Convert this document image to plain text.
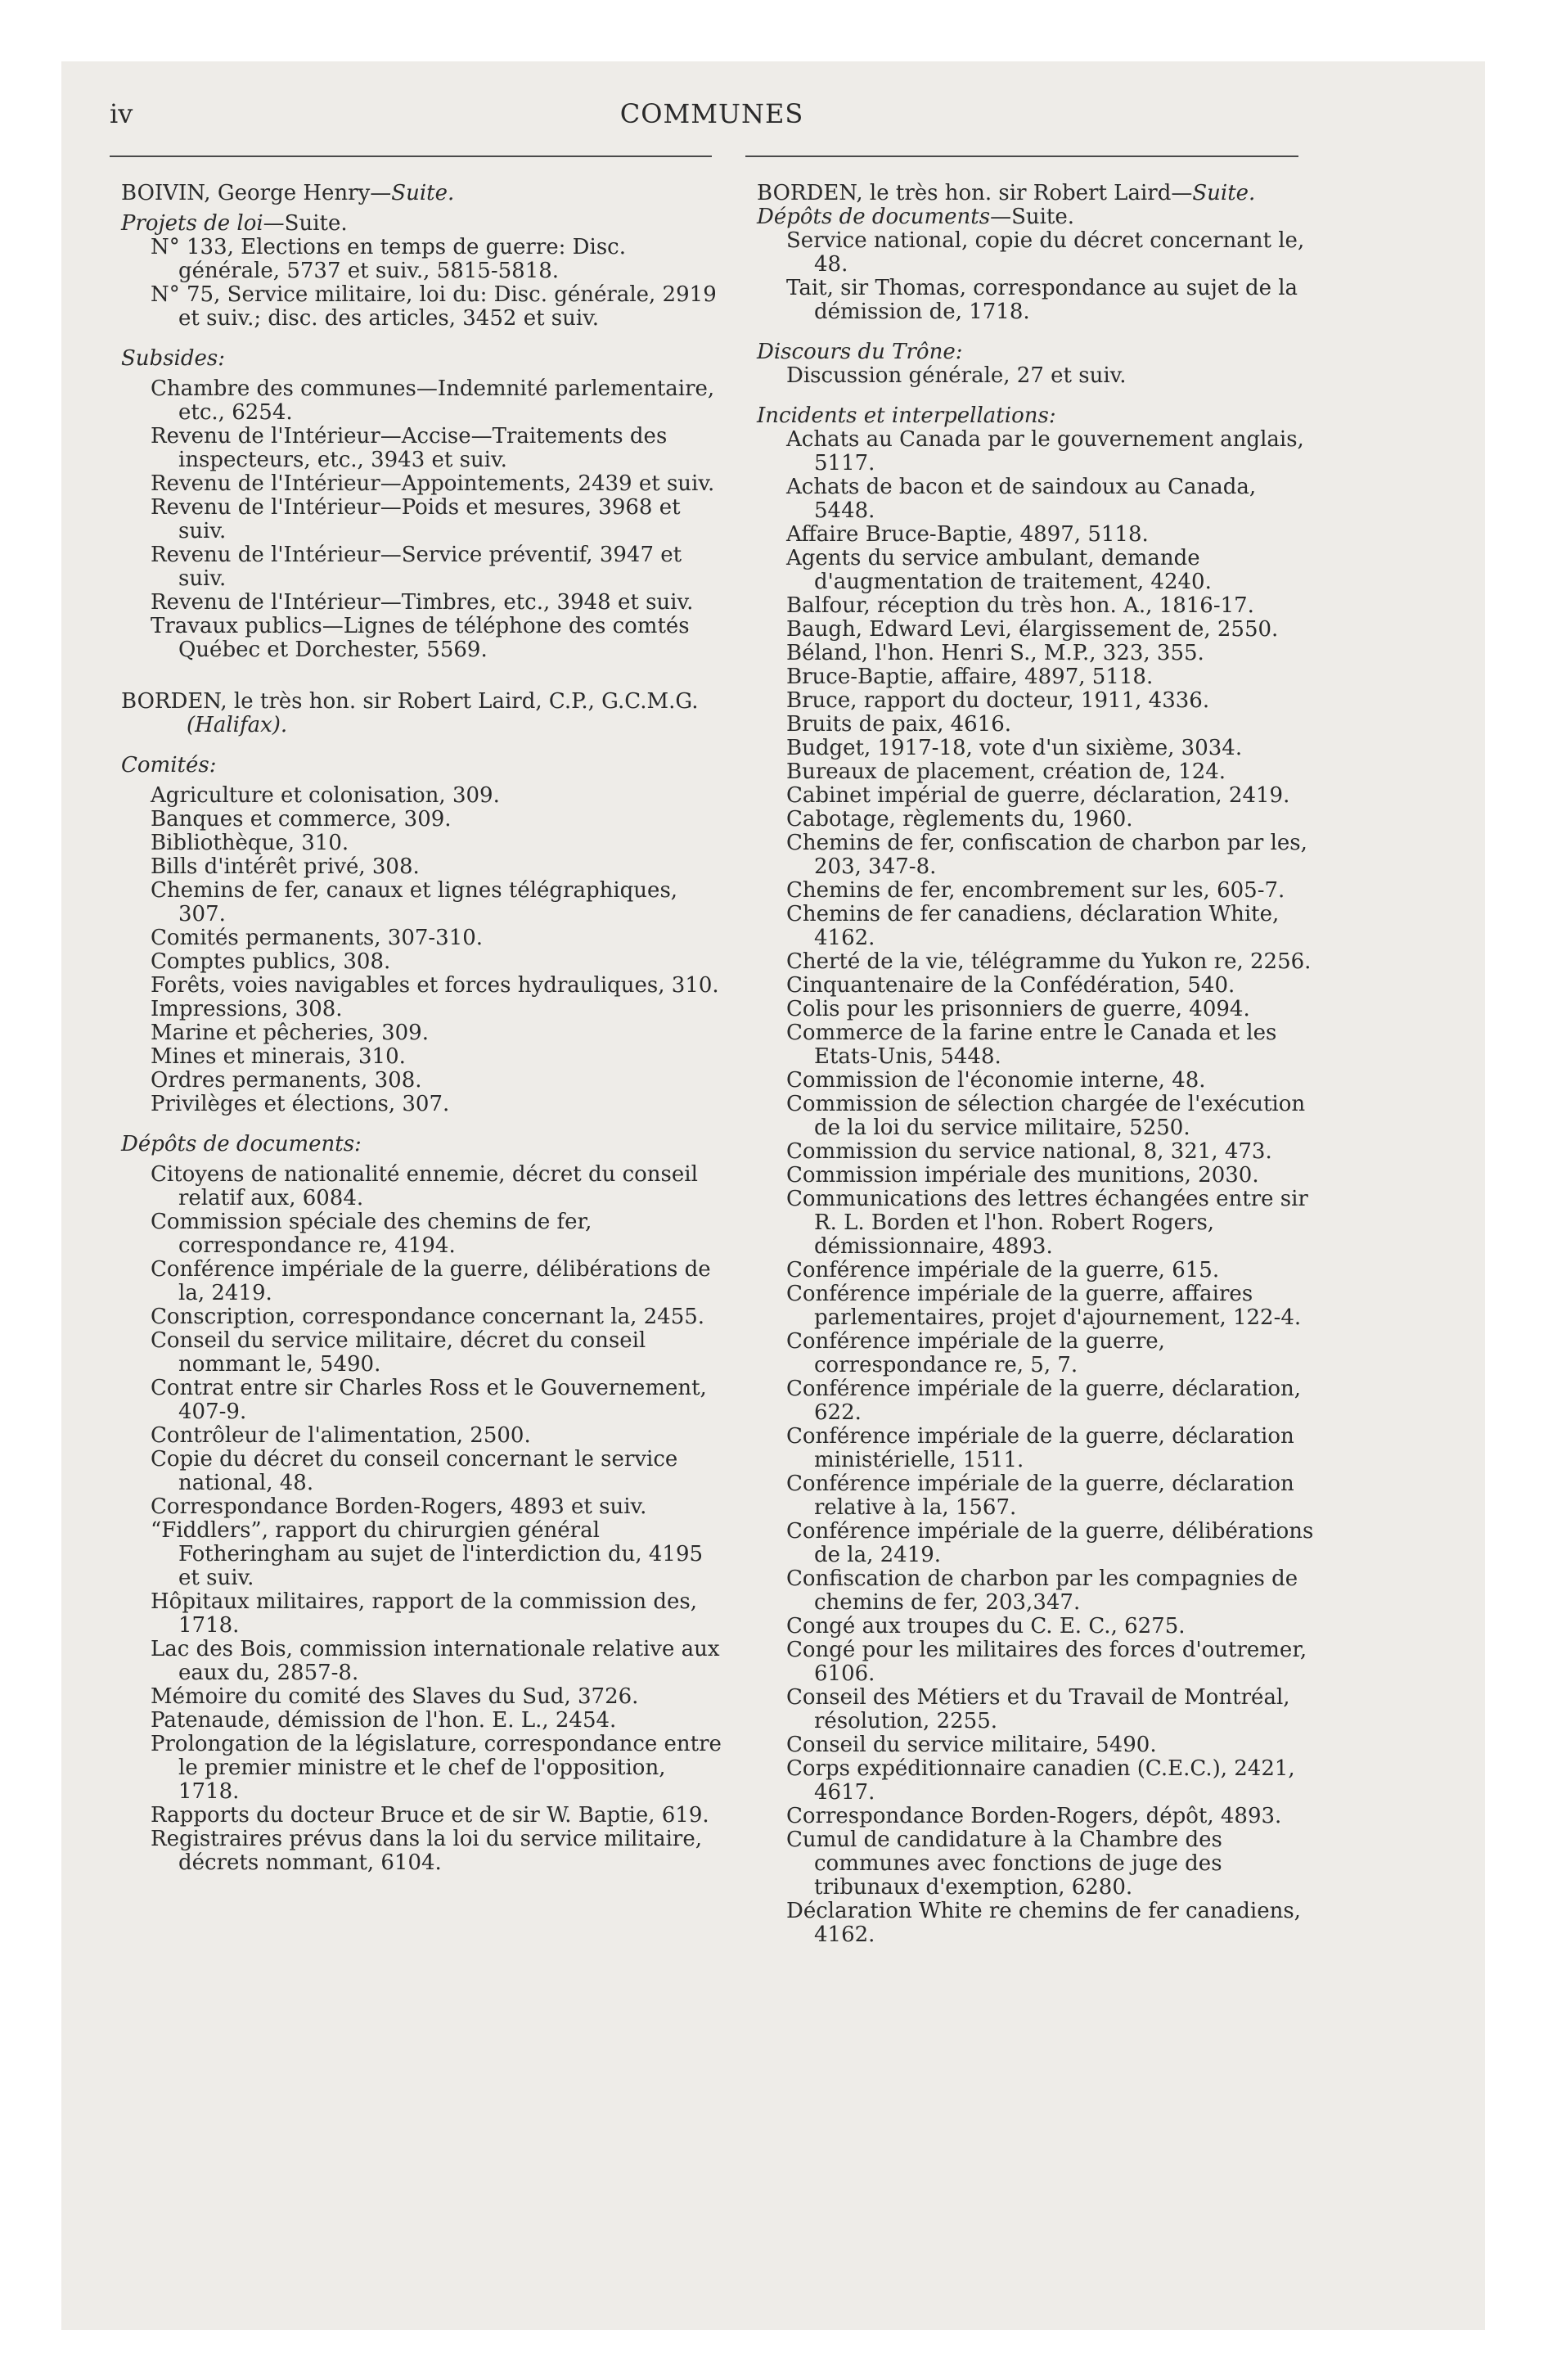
iv	COMMUNES

BOIVIN, George Henry—Suite.

Projets de loi—Suite.

N° 133, Elections en temps de guerre: Disc. générale, 5737 et suiv., 5815-5818.

N° 75, Service militaire, loi du: Disc. générale, 2919 et suiv.; disc. des articles, 3452 et suiv.

Subsides:

Chambre des communes—Indemnité parlementaire, etc., 6254.

Revenu de l'Intérieur—Accise—Traitements des inspecteurs, etc., 3943 et suiv.

Revenu de l'Intérieur—Appointements, 2439 et suiv.

Revenu de l'Intérieur—Poids et mesures, 3968 et suiv.

Revenu de l'Intérieur—Service préventif, 3947 et suiv.

Revenu de l'Intérieur—Timbres, etc., 3948 et suiv.

Travaux publics—Lignes de téléphone des comtés Québec et Dorchester, 5569.

BORDEN, le très hon. sir Robert Laird, C.P., G.C.M.G. (Halifax).

Comités:

Agriculture et colonisation, 309.

Banques et commerce, 309.

Bibliothèque, 310.

Bills d'intérêt privé, 308.

Chemins de fer, canaux et lignes télégraphiques, 307.

Comités permanents, 307-310.

Comptes publics, 308.

Forêts, voies navigables et forces hydrauliques, 310.

Impressions, 308.

Marine et pêcheries, 309.

Mines et minerais, 310.

Ordres permanents, 308.

Privilèges et élections, 307.

Dépôts de documents:

Citoyens de nationalité ennemie, décret du conseil relatif aux, 6084.

Commission spéciale des chemins de fer, correspondance re, 4194.

Conférence impériale de la guerre, délibérations de la, 2419.

Conscription, correspondance concernant la, 2455.

Conseil du service militaire, décret du conseil nommant le, 5490.

Contrat entre sir Charles Ross et le Gouvernement, 407-9.

Contrôleur de l'alimentation, 2500.

Copie du décret du conseil concernant le service national, 48.

Correspondance Borden-Rogers, 4893 et suiv.

“Fiddlers”, rapport du chirurgien général Fotheringham au sujet de l'interdiction du, 4195 et suiv.

Hôpitaux militaires, rapport de la commission des, 1718.

Lac des Bois, commission internationale relative aux eaux du, 2857-8.

Mémoire du comité des Slaves du Sud, 3726.

Patenaude, démission de l'hon. E. L., 2454.

Prolongation de la législature, correspondance entre le premier ministre et le chef de l'opposition, 1718.

Rapports du docteur Bruce et de sir W. Baptie, 619.

Registraires prévus dans la loi du service militaire, décrets nommant, 6104.

BORDEN, le très hon. sir Robert Laird—Suite.

Dépôts de documents—Suite.

Service national, copie du décret concernant le, 48.

Tait, sir Thomas, correspondance au sujet de la démission de, 1718.

Discours du Trône:

Discussion générale, 27 et suiv.

Incidents et interpellations:

Achats au Canada par le gouvernement anglais, 5117.

Achats de bacon et de saindoux au Canada, 5448.

Affaire Bruce-Baptie, 4897, 5118.

Agents du service ambulant, demande d'augmentation de traitement, 4240.

Balfour, réception du très hon. A., 1816-17.

Baugh, Edward Levi, élargissement de, 2550.

Béland, l'hon. Henri S., M.P., 323, 355.

Bruce-Baptie, affaire, 4897, 5118.

Bruce, rapport du docteur, 1911, 4336.

Bruits de paix, 4616.

Budget, 1917-18, vote d'un sixième, 3034.

Bureaux de placement, création de, 124.

Cabinet impérial de guerre, déclaration, 2419.

Cabotage, règlements du, 1960.

Chemins de fer, confiscation de charbon par les, 203, 347-8.

Chemins de fer, encombrement sur les, 605-7.

Chemins de fer canadiens, déclaration White, 4162.

Cherté de la vie, télégramme du Yukon re, 2256.

Cinquantenaire de la Confédération, 540.

Colis pour les prisonniers de guerre, 4094.

Commerce de la farine entre le Canada et les Etats-Unis, 5448.

Commission de l'économie interne, 48.

Commission de sélection chargée de l'exécution de la loi du service militaire, 5250.

Commission du service national, 8, 321, 473.

Commission impériale des munitions, 2030.

Communications des lettres échangées entre sir R. L. Borden et l'hon. Robert Rogers, démissionnaire, 4893.

Conférence impériale de la guerre, 615.

Conférence impériale de la guerre, affaires parlementaires, projet d'ajournement, 122-4.

Conférence impériale de la guerre, correspondance re, 5, 7.

Conférence impériale de la guerre, déclaration, 622.

Conférence impériale de la guerre, déclaration ministérielle, 1511.

Conférence impériale de la guerre, déclaration relative à la, 1567.

Conférence impériale de la guerre, délibérations de la, 2419.

Confiscation de charbon par les compagnies de chemins de fer, 203,347.

Congé aux troupes du C. E. C., 6275.

Congé pour les militaires des forces d'outremer, 6106.

Conseil des Métiers et du Travail de Montréal, résolution, 2255.

Conseil du service militaire, 5490.

Corps expéditionnaire canadien (C.E.C.), 2421, 4617.

Correspondance Borden-Rogers, dépôt, 4893.

Cumul de candidature à la Chambre des communes avec fonctions de juge des tribunaux d'exemption, 6280.

Déclaration White re chemins de fer canadiens, 4162.
